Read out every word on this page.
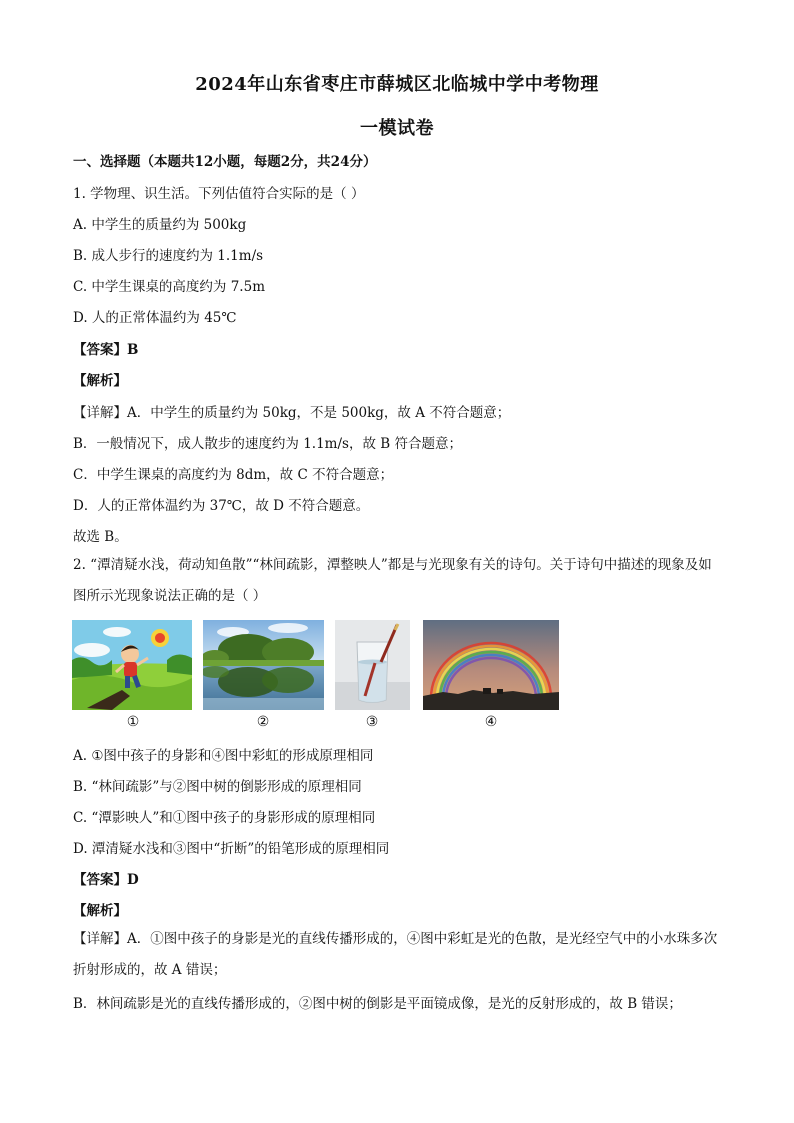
2024年山东省枣庄市薛城区北临城中学中考物理
一模试卷
一、选择题（本题共12小题，每题2分，共24分）
1. 学物理、识生活。下列估值符合实际的是（ ）
A. 中学生的质量约为 500kg
B. 成人步行的速度约为 1.1m/s
C. 中学生课桌的高度约为 7.5m
D. 人的正常体温约为 45℃
【答案】B
【解析】
【详解】A．中学生的质量约为 50kg，不是 500kg，故 A 不符合题意；
B．一般情况下，成人散步的速度约为 1.1m/s，故 B 符合题意；
C．中学生课桌的高度约为 8dm，故 C 不符合题意；
D．人的正常体温约为 37℃，故 D 不符合题意。
故选 B。
2. “潭清疑水浅，荷动知鱼散”“林间疏影，潭整映人”都是与光现象有关的诗句。关于诗句中描述的现象及如图所示光现象说法正确的是（ ）
①	②	③	④
A. ①图中孩子的身影和④图中彩虹的形成原理相同
B. “林间疏影”与②图中树的倒影形成的原理相同
C. “潭影映人”和①图中孩子的身影形成的原理相同
D. 潭清疑水浅和③图中“折断”的铅笔形成的原理相同
【答案】D
【解析】
【详解】A．①图中孩子的身影是光的直线传播形成的，④图中彩虹是光的色散，是光经空气中的小水珠多次折射形成的，故 A 错误；
B．林间疏影是光的直线传播形成的，②图中树的倒影是平面镜成像，是光的反射形成的，故 B 错误；
